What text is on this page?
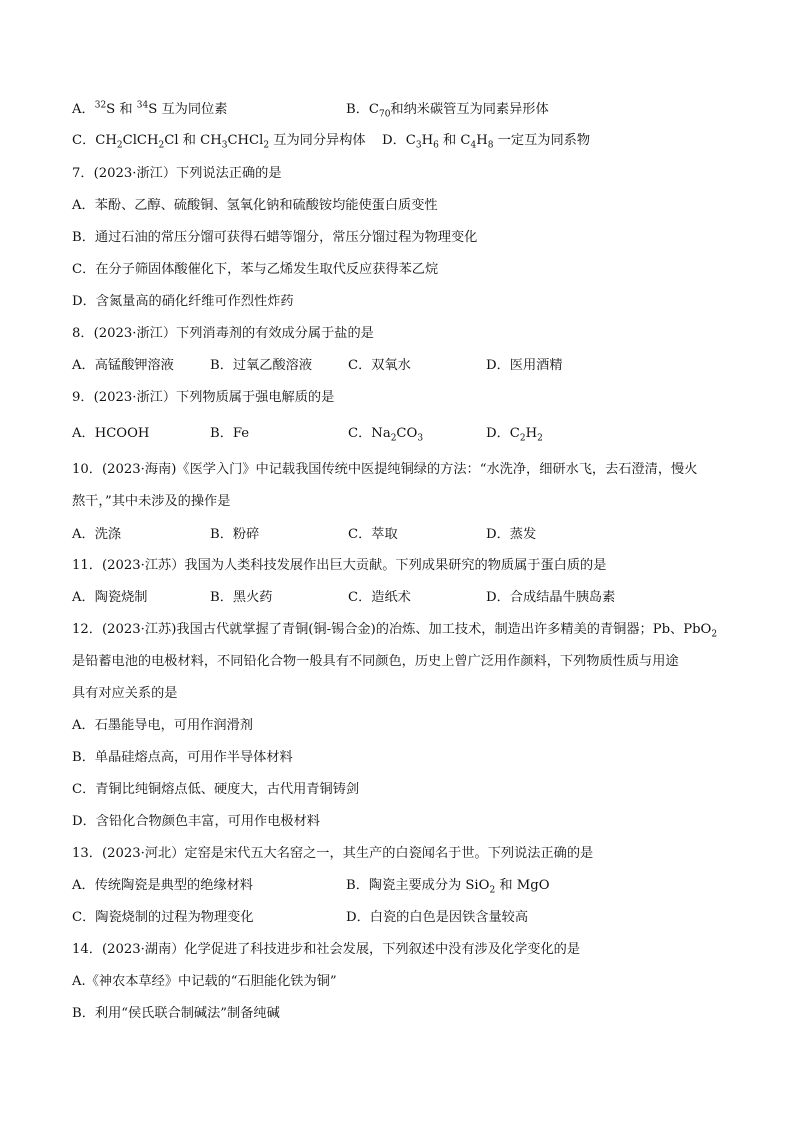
A．$^{32}$S 和 $^{34}$S 互为同位素	B．$C_{70}$和纳米碳管互为同素异形体
C．$CH_2ClCH_2Cl$ 和 $CH_3CHCl_2$ 互为同分异构体 D．$C_3H_6$ 和 $C_4H_8$ 一定互为同系物
7．(2023·浙江）下列说法正确的是
A．苯酚、乙醇、硫酸铜、氢氧化钠和硫酸铵均能使蛋白质变性
B．通过石油的常压分馏可获得石蜡等馏分，常压分馏过程为物理变化
C．在分子筛固体酸催化下，苯与乙烯发生取代反应获得苯乙烷
D．含氮量高的硝化纤维可作烈性炸药
8．(2023·浙江）下列消毒剂的有效成分属于盐的是
A．高锰酸钾溶液	B．过氧乙酸溶液	C．双氧水	D．医用酒精
9．(2023·浙江）下列物质属于强电解质的是
A．HCOOH	B．Fe	C．$Na_2CO_3$	D．$C_2H_2$
10．(2023·海南)《医学入门》中记载我国传统中医提纯铜绿的方法：“水洗净，细研水飞，去石澄清，慢火
熬干，”其中未涉及的操作是
A．洗涤	B．粉碎	C．萃取	D．蒸发
11．(2023·江苏）我国为人类科技发展作出巨大贡献。下列成果研究的物质属于蛋白质的是
A．陶瓷烧制	B．黑火药	C．造纸术	D．合成结晶牛胰岛素
12．(2023·江苏)我国古代就掌握了青铜(铜-锡合金)的冶炼、加工技术，制造出许多精美的青铜器；Pb、PbO$_2$
是铅蓄电池的电极材料，不同铅化合物一般具有不同颜色，历史上曾广泛用作颜料，下列物质性质与用途
具有对应关系的是
A．石墨能导电，可用作润滑剂
B．单晶硅熔点高，可用作半导体材料
C．青铜比纯铜熔点低、硬度大，古代用青铜铸剑
D．含铅化合物颜色丰富，可用作电极材料
13．(2023·河北）定窑是宋代五大名窑之一，其生产的白瓷闻名于世。下列说法正确的是
A．传统陶瓷是典型的绝缘材料	B．陶瓷主要成分为 SiO$_2$ 和 MgO
C．陶瓷烧制的过程为物理变化	D．白瓷的白色是因铁含量较高
14．(2023·湖南）化学促进了科技进步和社会发展，下列叙述中没有涉及化学变化的是
A.《神农本草经》中记载的“石胆能化铁为铜”
B．利用“侯氏联合制碱法”制备纯碱
